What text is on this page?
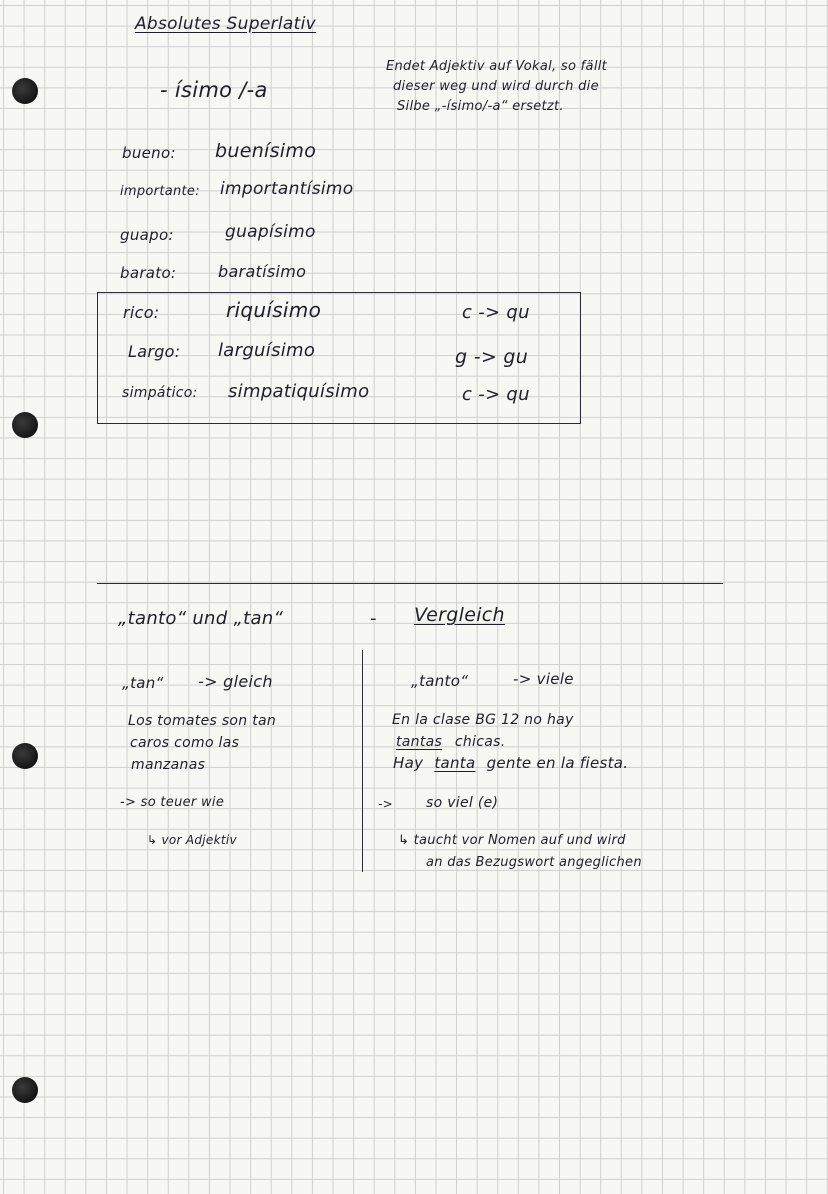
Absolutes Superlativ
- ísimo /-a
Endet Adjektiv auf Vokal, so fällt
dieser weg und wird durch die
Silbe „-ísimo/-a“ ersetzt.
bueno: buenísimo
importante: importantísimo
guapo:	guapísimo
barato:	baratísimo
rico:	riquísimo	c -> qu
Largo: larguísimo	g -> gu
simpático: simpatiquísimo	c -> qu
„tanto“ und „tan“	- Vergleich
„tan“ -> gleich
Los tomates son tan
caros como las
manzanas
-> so teuer wie
↳ vor Adjektiv
„tanto“	-> viele
En la clase BG 12 no hay
tantas chicas.
Hay tanta gente en la fiesta.
-> so viel (e)
↳ taucht vor Nomen auf und wird
an das Bezugswort angeglichen
